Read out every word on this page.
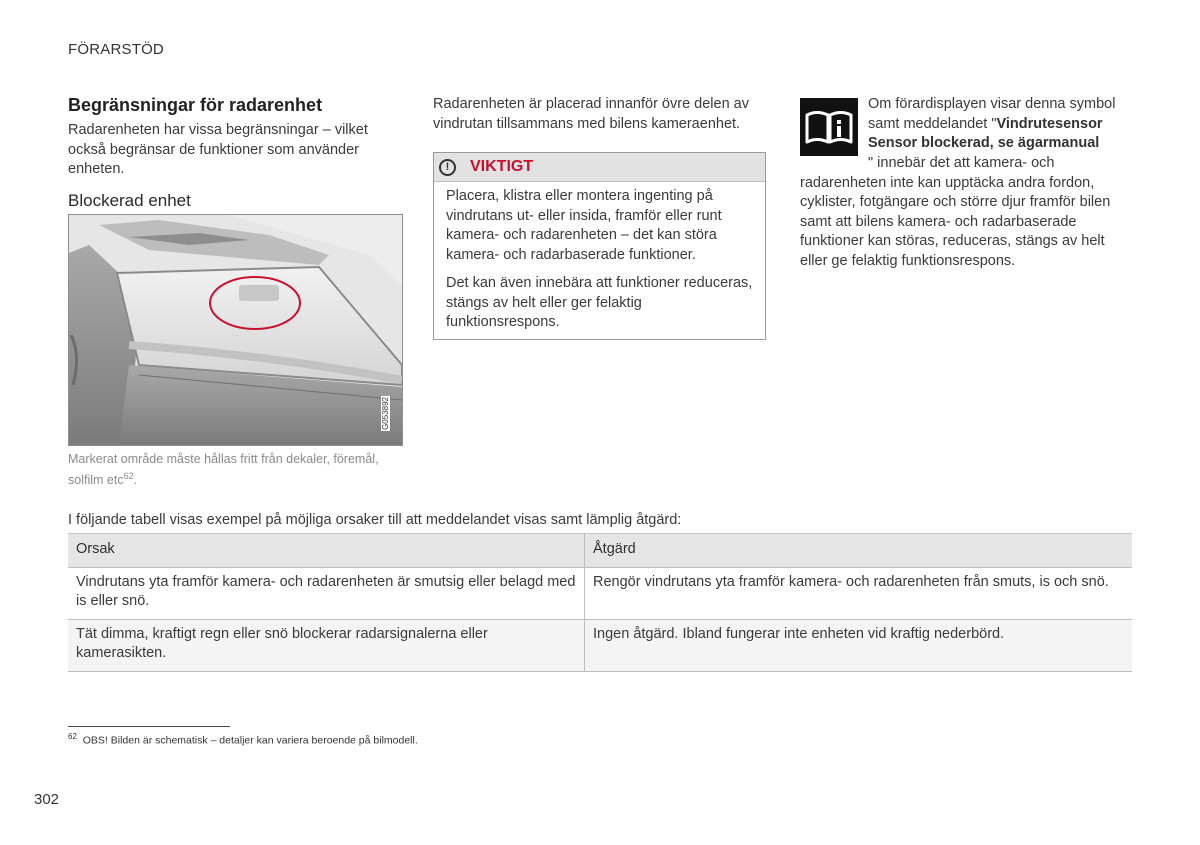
FÖRARSTÖD
Begränsningar för radarenhet
Radarenheten har vissa begränsningar – vilket också begränsar de funktioner som använder enheten.
Blockerad enhet
G053892
Markerat område måste hållas fritt från dekaler, föremål, solfilm etc$^{62}$.
Radarenheten är placerad innanför övre delen av vindrutan tillsammans med bilens kameraenhet.
!	VIKTIGT

Placera, klistra eller montera ingenting på vindrutans ut- eller insida, framför eller runt kamera- och radarenheten – det kan störa kamera- och radarbaserade funktioner.

Det kan även innebära att funktioner reduceras, stängs av helt eller ger felaktig funktionsrespons.

Om förardisplayen visar denna symbol samt meddelandet "Vindrutesensor Sensor blockerad, se ägarmanual
" innebär det att kamera- och radarenheten inte kan upptäcka andra fordon, cyklister, fotgängare och större djur framför bilen samt att bilens kamera- och radarbaserade funktioner kan störas, reduceras, stängs av helt eller ge felaktig funktionsrespons.
I följande tabell visas exempel på möjliga orsaker till att meddelandet visas samt lämplig åtgärd:
Orsak	Åtgärd
Vindrutans yta framför kamera- och radarenheten är smutsig eller belagd med is eller snö.	Rengör vindrutans yta framför kamera- och radarenheten från smuts, is och snö.
Tät dimma, kraftigt regn eller snö blockerar radarsignalerna eller kamerasikten.	Ingen åtgärd. Ibland fungerar inte enheten vid kraftig nederbörd.
$^{62}$ OBS! Bilden är schematisk – detaljer kan variera beroende på bilmodell.
302
